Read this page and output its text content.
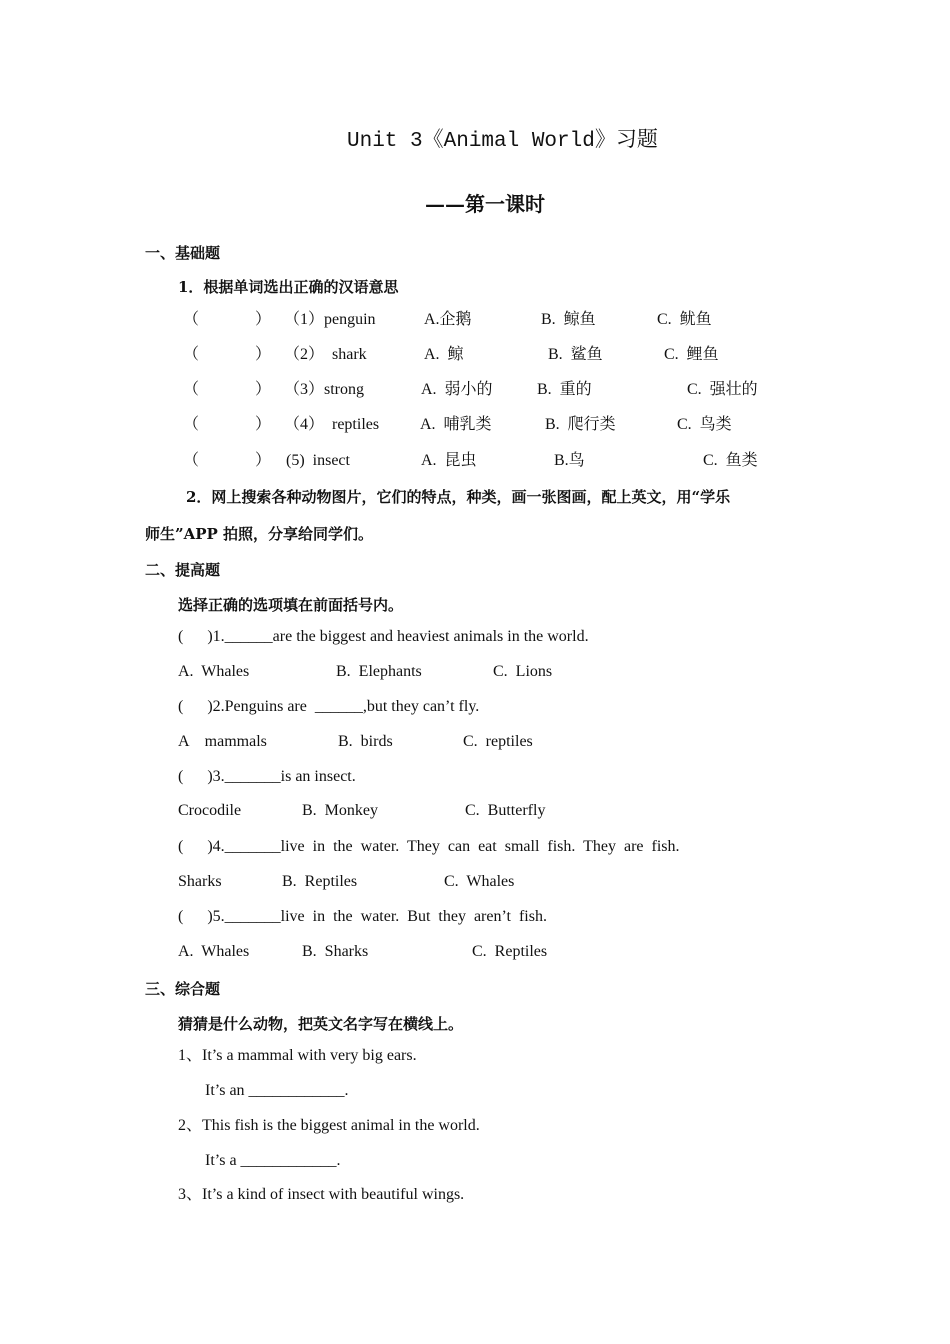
Unit 3《Animal World》习题
——第一课时
一、基础题
1．根据单词选出正确的汉语意思
（              ） （1）penguin	A.企鹅	B.  鲸鱼	C.  鱿鱼
（              ） （2）  shark	A.  鲸	B.  鲨鱼	C.  鲤鱼
（              ） （3）strong	A.  弱小的	B.  重的	C.  强壮的
（              ） （4）  reptiles	A.  哺乳类	B.  爬行类	C.  鸟类
（              ） (5)  insect	A.  昆虫	B.鸟	C.  鱼类
2．网上搜索各种动物图片，它们的特点，种类，画一张图画，配上英文，用“学乐
师生”APP 拍照，分享给同学们。
二、提高题
选择正确的选项填在前面括号内。
(      )1.______are the biggest and heaviest animals in the world.
A.  Whales	B.  Elephants	C.  Lions
(      )2.Penguins are  ______,but they can’t fly.
A    mammals	B.  birds	C.  reptiles
(      )3._______is an insect.
Crocodile	B.  Monkey	C.  Butterfly
(      )4._______live  in  the  water.  They  can  eat  small  fish.  They  are  fish.
Sharks	B.  Reptiles	C.  Whales
(      )5._______live  in  the  water.  But  they  aren’t  fish.
A.  Whales	B.  Sharks	C.  Reptiles
三、综合题
猜猜是什么动物，把英文名字写在横线上。
1、It’s a mammal with very big ears.
It’s an ____________.
2、This fish is the biggest animal in the world.
It’s a ____________.
3、It’s a kind of insect with beautiful wings.
